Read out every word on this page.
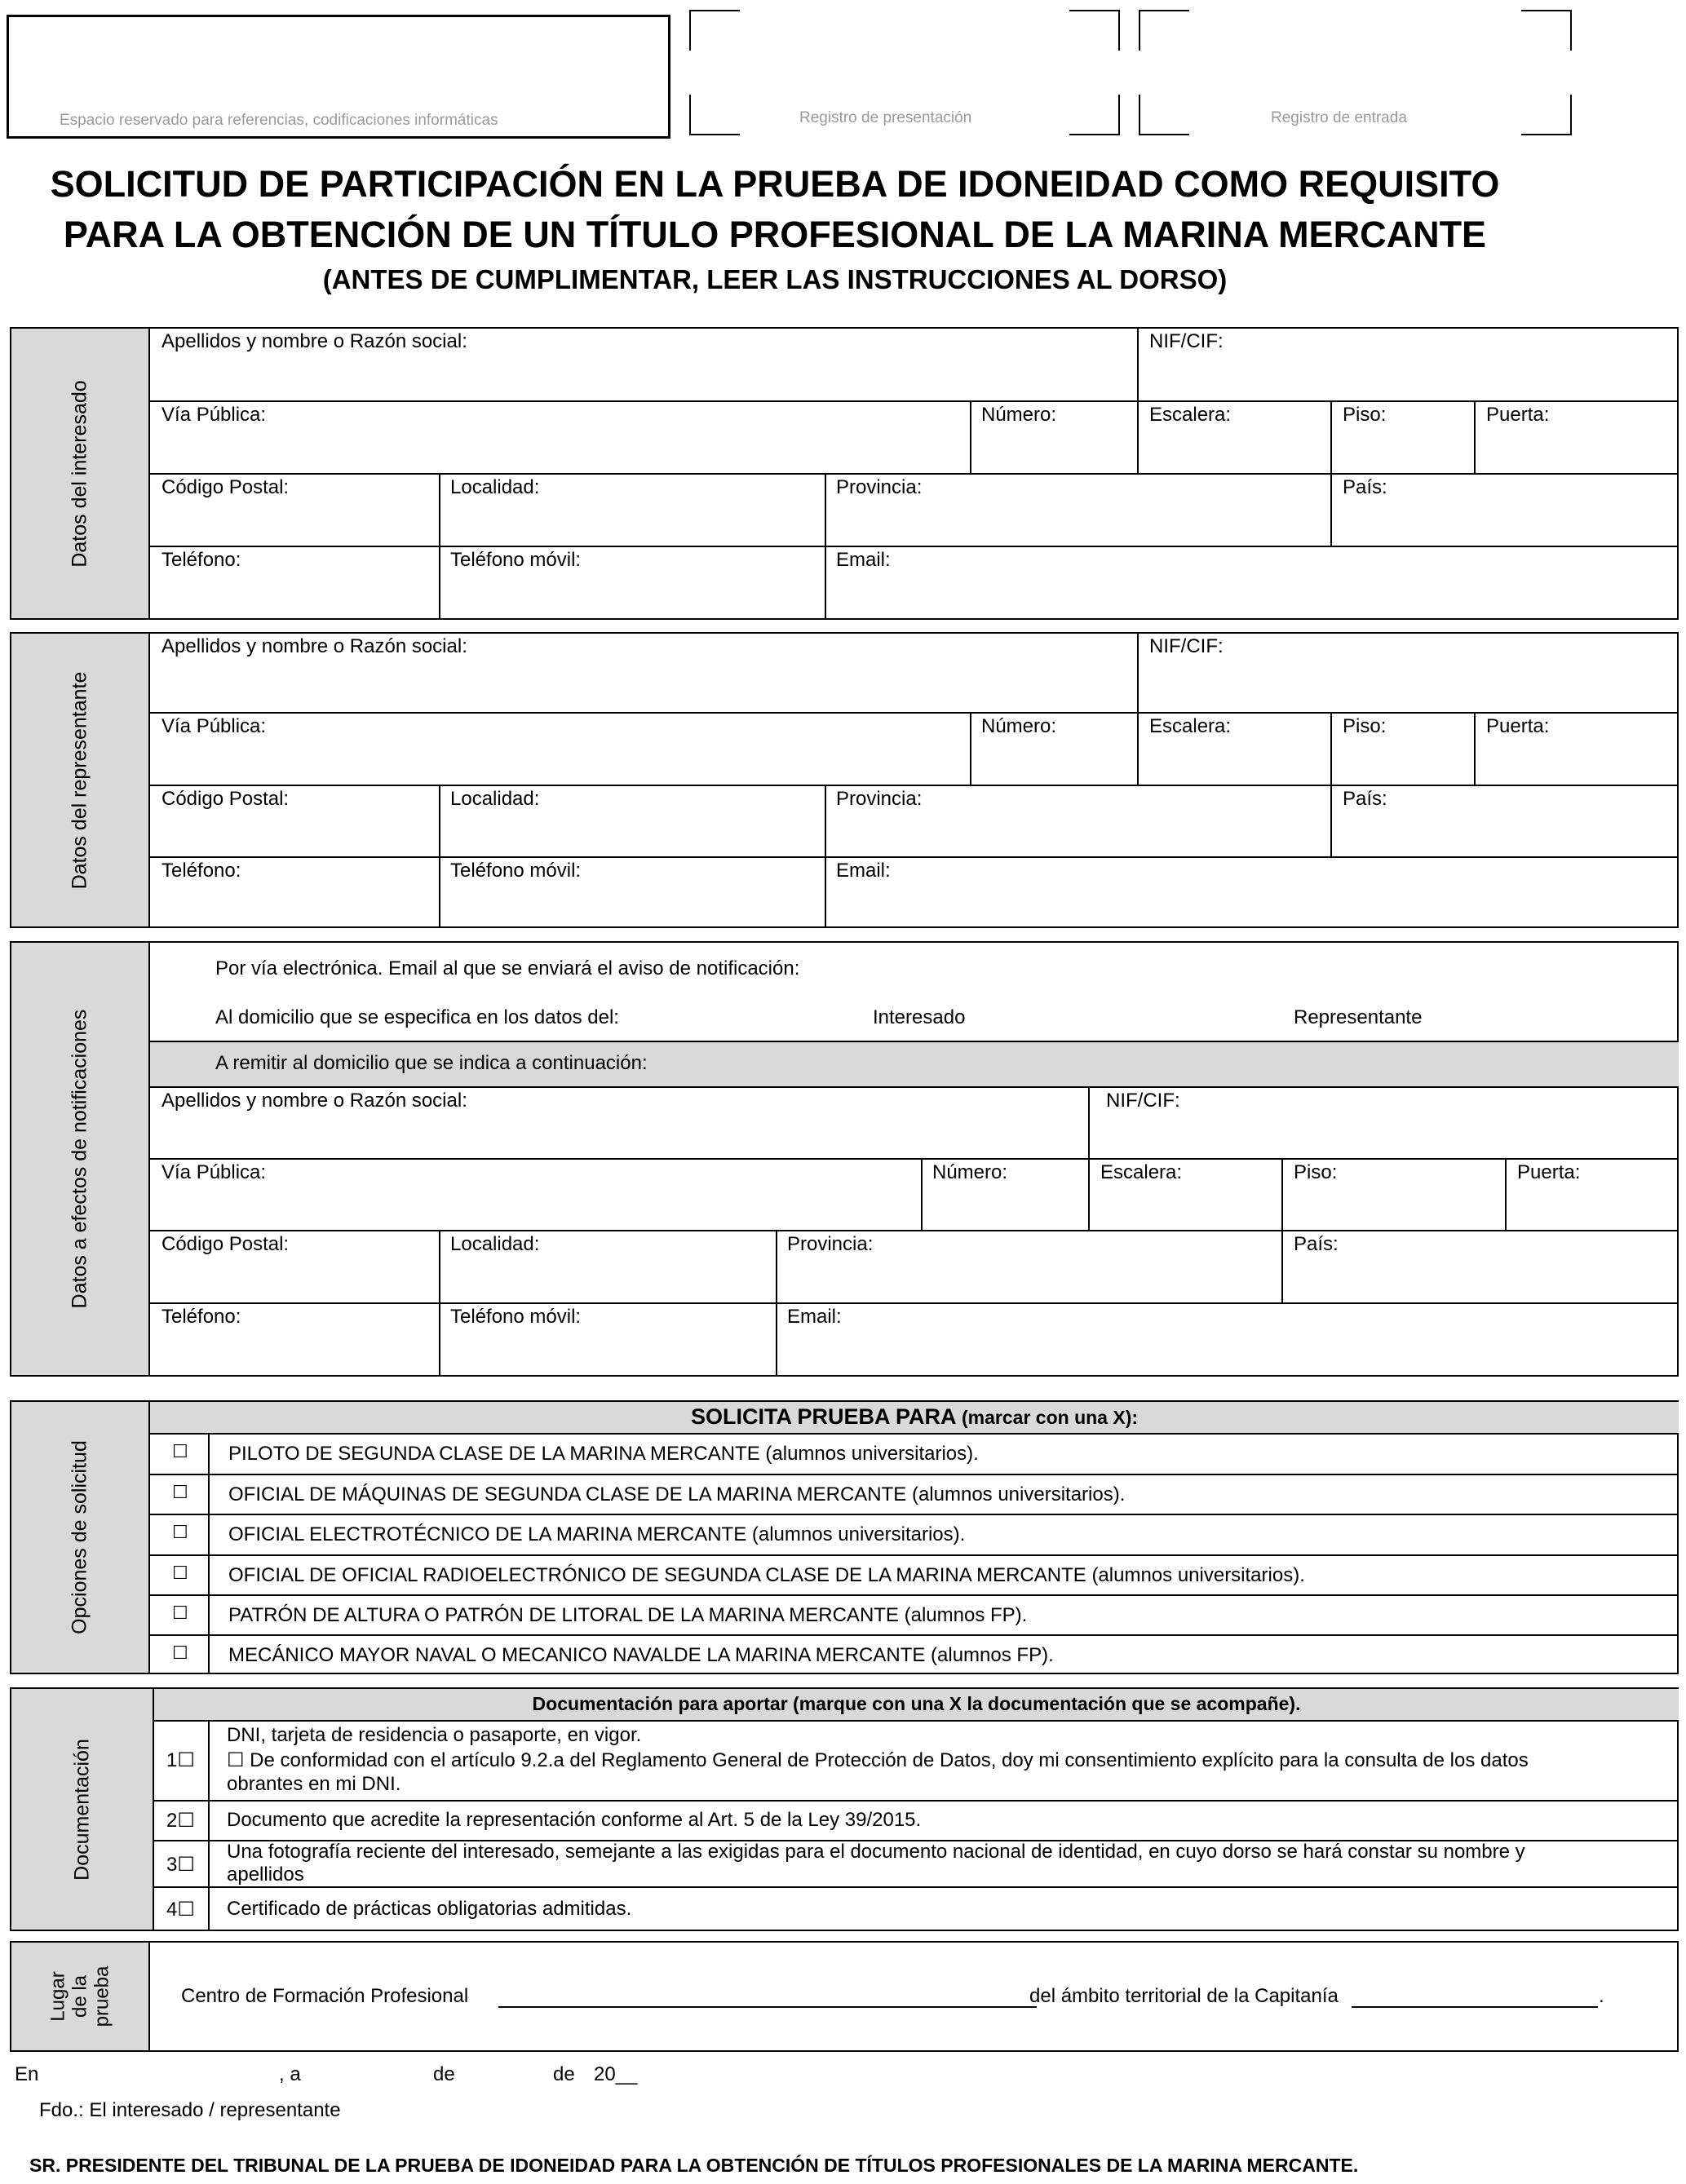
Espacio reservado para referencias, codificaciones informáticas	Registro de presentación	Registro de entrada
SOLICITUD DE PARTICIPACIÓN EN LA PRUEBA DE IDONEIDAD COMO REQUISITO
PARA LA OBTENCIÓN DE UN TÍTULO PROFESIONAL DE LA MARINA MERCANTE
(ANTES DE CUMPLIMENTAR, LEER LAS INSTRUCCIONES AL DORSO)
Datos del interesado
Apellidos y nombre o Razón social:	NIF/CIF:
Vía Pública:	Número:	Escalera:	Piso:	Puerta:
Código Postal:	Localidad:	Provincia:	País:
Teléfono:	Teléfono móvil:	Email:
Datos del representante
Apellidos y nombre o Razón social:	NIF/CIF:
Vía Pública:	Número:	Escalera:	Piso:	Puerta:
Código Postal:	Localidad:	Provincia:	País:
Teléfono:	Teléfono móvil:	Email:
Datos a efectos de notificaciones
Por vía electrónica. Email al que se enviará el aviso de notificación:
Al domicilio que se especifica en los datos del:	Interesado	Representante
A remitir al domicilio que se indica a continuación:
Apellidos y nombre o Razón social:	NIF/CIF:
Vía Pública:	Número:	Escalera:	Piso:	Puerta:
Código Postal:	Localidad:	Provincia:	País:
Teléfono:	Teléfono móvil:	Email:
Opciones de solicitud
SOLICITA PRUEBA PARA (marcar con una X):
☐ PILOTO DE SEGUNDA CLASE DE LA MARINA MERCANTE (alumnos universitarios).
☐ OFICIAL DE MÁQUINAS DE SEGUNDA CLASE DE LA MARINA MERCANTE (alumnos universitarios).
☐ OFICIAL ELECTROTÉCNICO DE LA MARINA MERCANTE (alumnos universitarios).
☐ OFICIAL DE OFICIAL RADIOELECTRÓNICO DE SEGUNDA CLASE DE LA MARINA MERCANTE (alumnos universitarios).
☐ PATRÓN DE ALTURA O PATRÓN DE LITORAL DE LA MARINA MERCANTE (alumnos FP).
☐ MECÁNICO MAYOR NAVAL O MECANICO NAVALDE LA MARINA MERCANTE (alumnos FP).
Documentación
Documentación para aportar (marque con una X la documentación que se acompañe).
1☐
DNI, tarjeta de residencia o pasaporte, en vigor.
☐ De conformidad con el artículo 9.2.a del Reglamento General de Protección de Datos, doy mi consentimiento explícito para la consulta de los datos
obrantes en mi DNI.
2☐ Documento que acredite la representación conforme al Art. 5 de la Ley 39/2015.
3☐
Una fotografía reciente del interesado, semejante a las exigidas para el documento nacional de identidad, en cuyo dorso se hará constar su nombre y
apellidos
4☐ Certificado de prácticas obligatorias admitidas.
Lugar de la prueba	Centro de Formación Profesional	del ámbito territorial de la Capitanía	.
En	, a	de	de 20__
Fdo.: El interesado / representante
SR. PRESIDENTE DEL TRIBUNAL DE LA PRUEBA DE IDONEIDAD PARA LA OBTENCIÓN DE TÍTULOS PROFESIONALES DE LA MARINA MERCANTE.
